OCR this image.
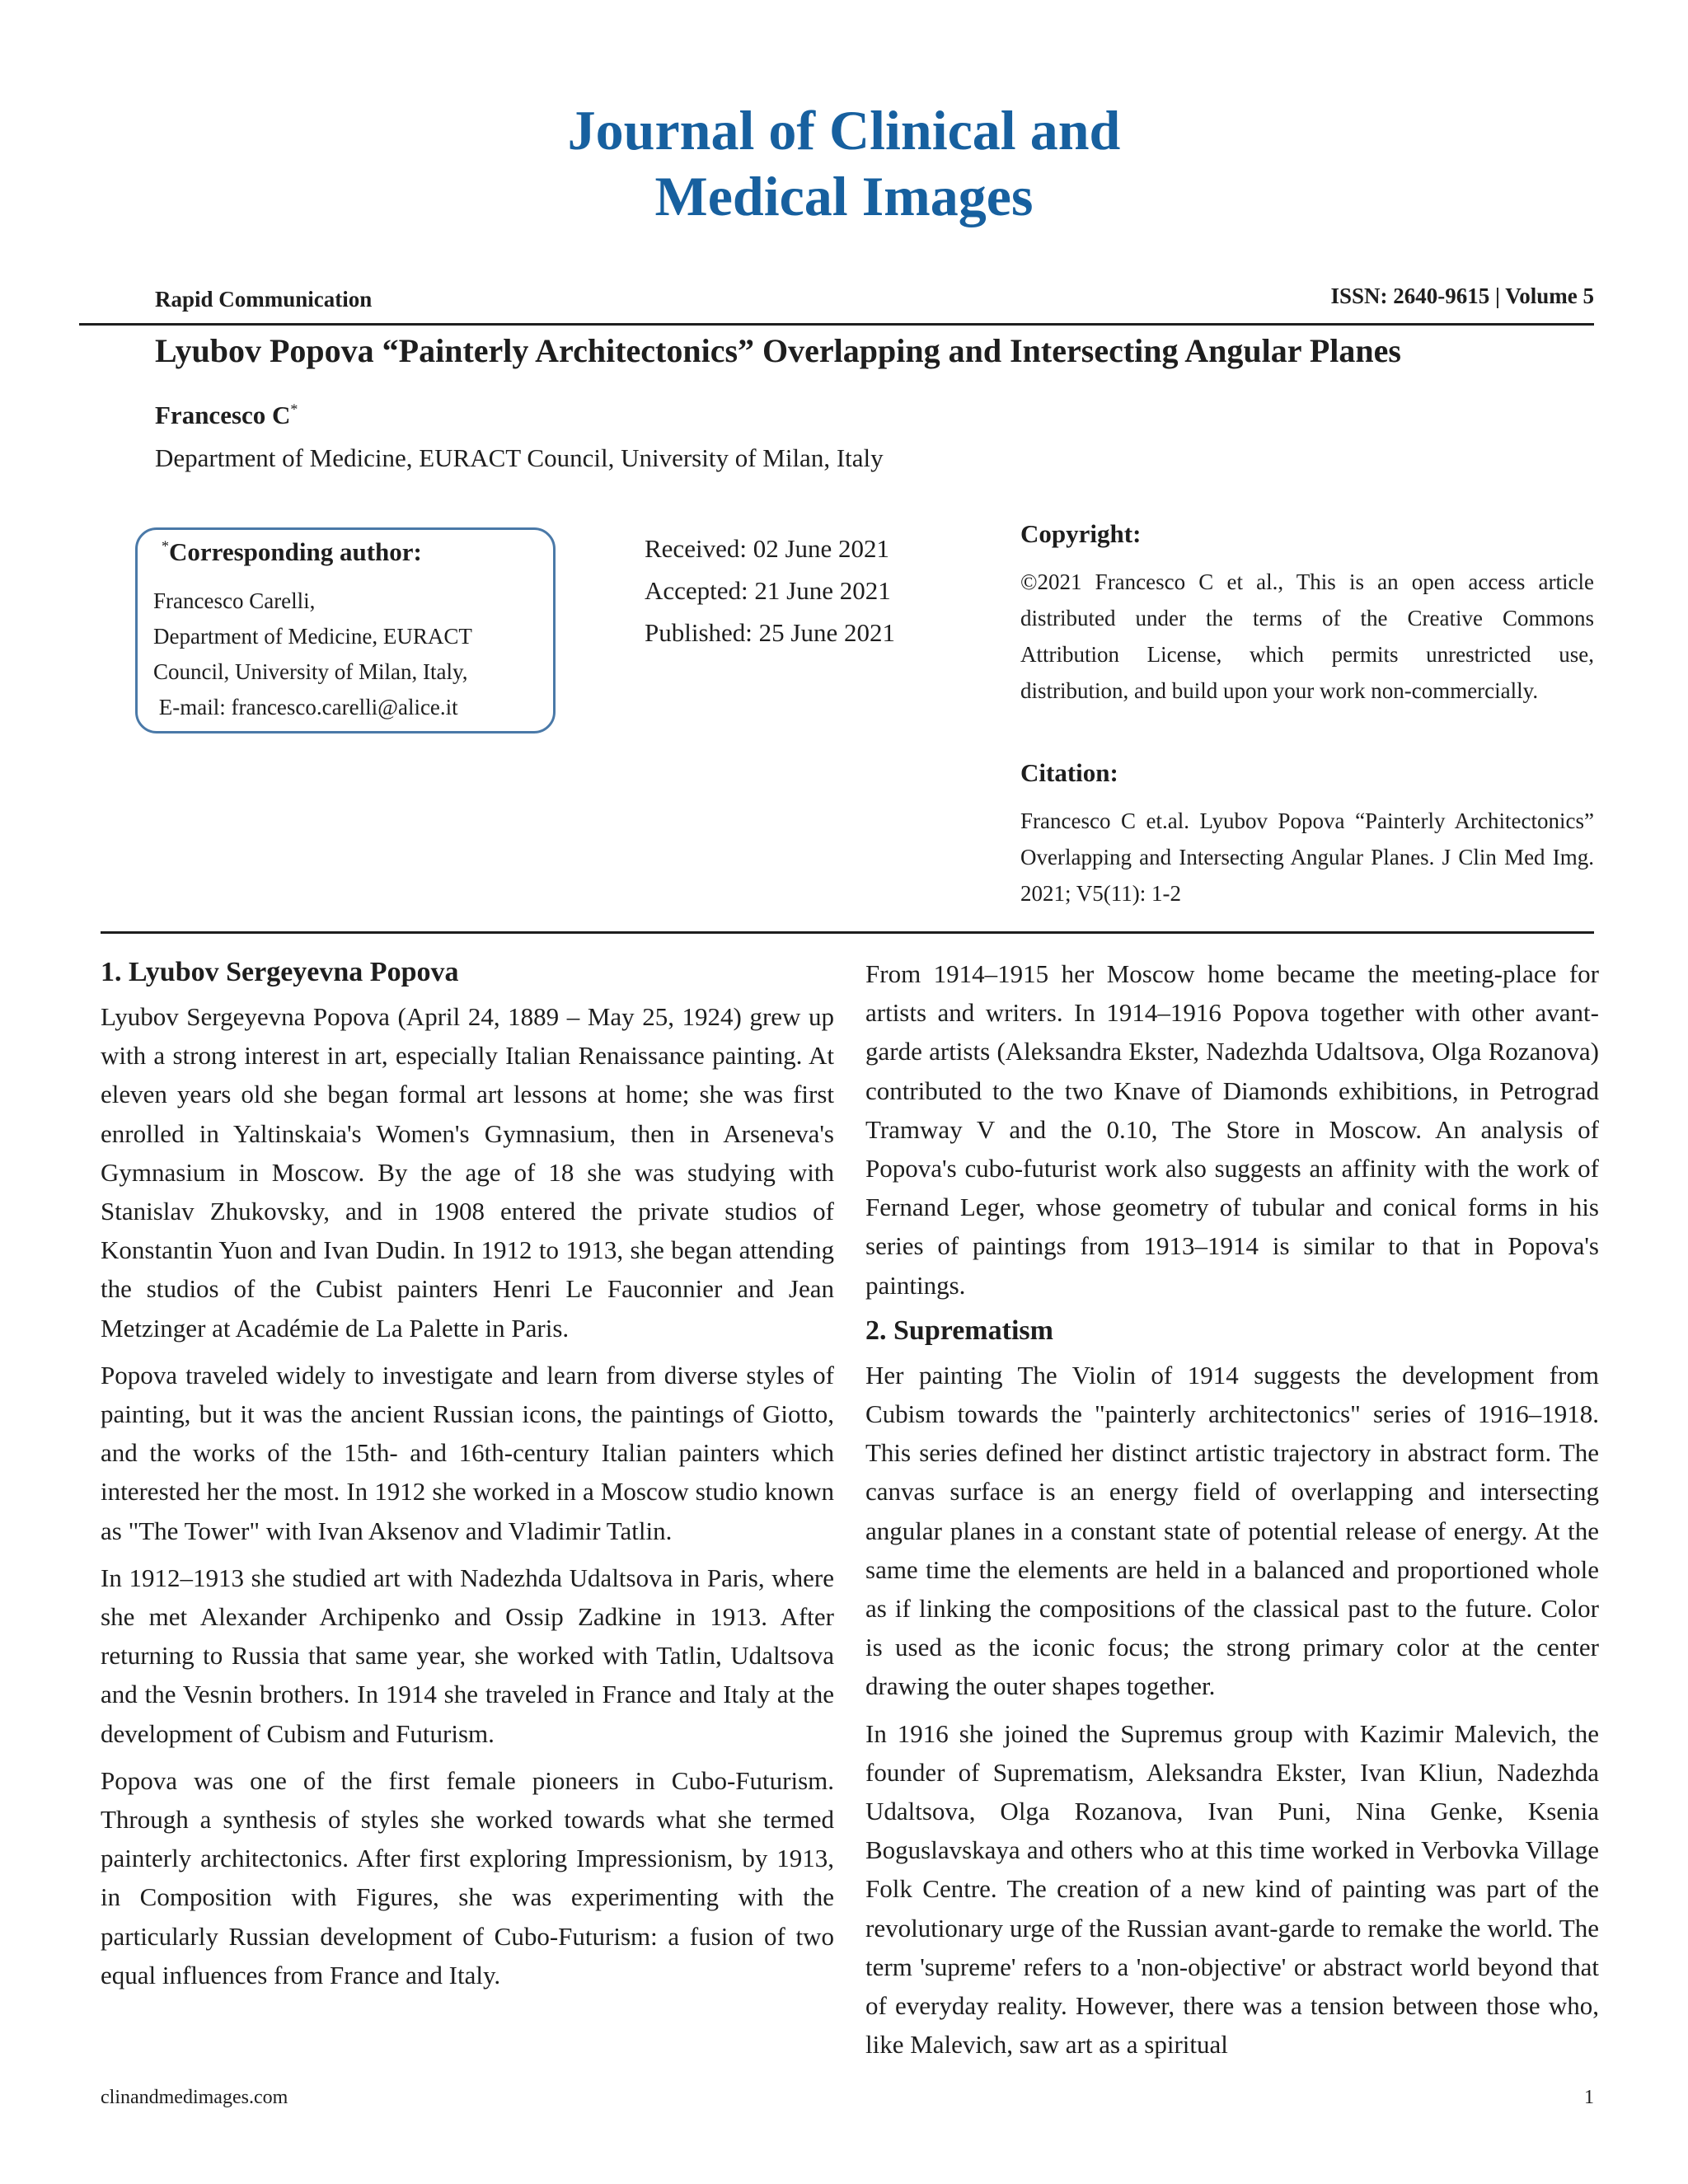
Journal of Clinical and
Medical Images
Rapid Communication	ISSN: 2640-9615 | Volume 5
Lyubov Popova “Painterly Architectonics” Overlapping and Intersecting Angular Planes
Francesco C*
Department of Medicine, EURACT Council, University of Milan, Italy
*Corresponding author:
Francesco Carelli,
Department of Medicine, EURACT
Council, University of Milan, Italy,
E-mail: francesco.carelli@alice.it
Received: 02 June 2021
Accepted: 21 June 2021
Published: 25 June 2021
Copyright:
©2021 Francesco C et al., This is an open access article distributed under the terms of the Creative Commons Attribution License, which permits unrestricted use, distribution, and build upon your work non-commercially.
Citation:
Francesco C et.al. Lyubov Popova “Painterly Architectonics” Overlapping and Intersecting Angular Planes. J Clin Med Img. 2021; V5(11): 1-2
1. Lyubov Sergeyevna Popova

Lyubov Sergeyevna Popova (April 24, 1889 – May 25, 1924) grew up with a strong interest in art, especially Italian Renaissance painting. At eleven years old she began formal art lessons at home; she was first enrolled in Yaltinskaia's Women's Gymnasium, then in Arseneva's Gymnasium in Moscow. By the age of 18 she was studying with Stanislav Zhukovsky, and in 1908 entered the private studios of Konstantin Yuon and Ivan Dudin. In 1912 to 1913, she began attending the studios of the Cubist painters Henri Le Fauconnier and Jean Metzinger at Académie de La Palette in Paris.

Popova traveled widely to investigate and learn from diverse styles of painting, but it was the ancient Russian icons, the paintings of Giotto, and the works of the 15th- and 16th-century Italian painters which interested her the most. In 1912 she worked in a Moscow studio known as "The Tower" with Ivan Aksenov and Vladimir Tatlin.

In 1912–1913 she studied art with Nadezhda Udaltsova in Paris, where she met Alexander Archipenko and Ossip Zadkine in 1913. After returning to Russia that same year, she worked with Tatlin, Udaltsova and the Vesnin brothers. In 1914 she traveled in France and Italy at the development of Cubism and Futurism.

Popova was one of the first female pioneers in Cubo-Futurism. Through a synthesis of styles she worked towards what she termed painterly architectonics. After first exploring Impressionism, by 1913, in Composition with Figures, she was experimenting with the particularly Russian development of Cubo-Futurism: a fusion of two equal influences from France and Italy.

From 1914–1915 her Moscow home became the meeting-place for artists and writers. In 1914–1916 Popova together with other avant-garde artists (Aleksandra Ekster, Nadezhda Udaltsova, Olga Rozanova) contributed to the two Knave of Diamonds exhibitions, in Petrograd Tramway V and the 0.10, The Store in Moscow. An analysis of Popova's cubo-futurist work also suggests an affinity with the work of Fernand Leger, whose geometry of tubular and conical forms in his series of paintings from 1913–1914 is similar to that in Popova's paintings.

2. Suprematism

Her painting The Violin of 1914 suggests the development from Cubism towards the "painterly architectonics" series of 1916–1918. This series defined her distinct artistic trajectory in abstract form. The canvas surface is an energy field of overlapping and intersecting angular planes in a constant state of potential release of energy. At the same time the elements are held in a balanced and proportioned whole as if linking the compositions of the classical past to the future. Color is used as the iconic focus; the strong primary color at the center drawing the outer shapes together.

In 1916 she joined the Supremus group with Kazimir Malevich, the founder of Suprematism, Aleksandra Ekster, Ivan Kliun, Nadezhda Udaltsova, Olga Rozanova, Ivan Puni, Nina Genke, Ksenia Boguslavskaya and others who at this time worked in Verbovka Village Folk Centre. The creation of a new kind of painting was part of the revolutionary urge of the Russian avant-garde to remake the world. The term 'supreme' refers to a 'non-objective' or abstract world beyond that of everyday reality. However, there was a tension between those who, like Malevich, saw art as a spiritual

clinandmedimages.com	1
